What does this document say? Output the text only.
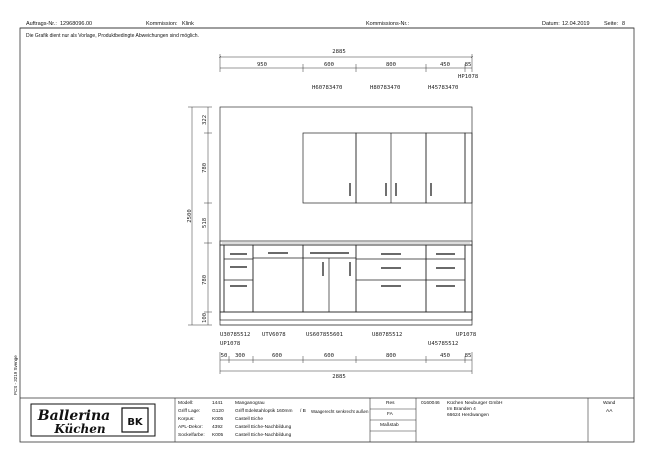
Auftrags-Nr.: 12968096.00	Kommission: Klink	Kommissions-Nr.:	Datum: 12.04.2019	Seite: 8
Die Grafik dient nur als Vorlage, Produktbedingte Abweichungen sind möglich.
PCS - 3219 Svenge
2885
950	600	800	450	85
HP1078
H60783470	H80783470	H45783470
2500
322
780
518
780
100
U30785512 UTV6078	US607855601	U80785512	UP1078
UP1078	U45785512
50 300	600	600	800	450	85
2885
Ballerina
Küchen BK
Modell:	1441	Manganograu
Griff Lage: G120 Griff Edelstahloptik 160mm / B Waagerecht senkrecht außen
Korpus:	K005 Castell Eiche
APL-Dekor: 4392	Castell Eiche-Nachbildung
Sockelfarbe: K005 Castell Eiche-Nachbildung
Res
FA
Maßstab
0160046 Küchen Neuburger GmbH
Im Branden 4
66624 Herdwangen
Wand
AA
